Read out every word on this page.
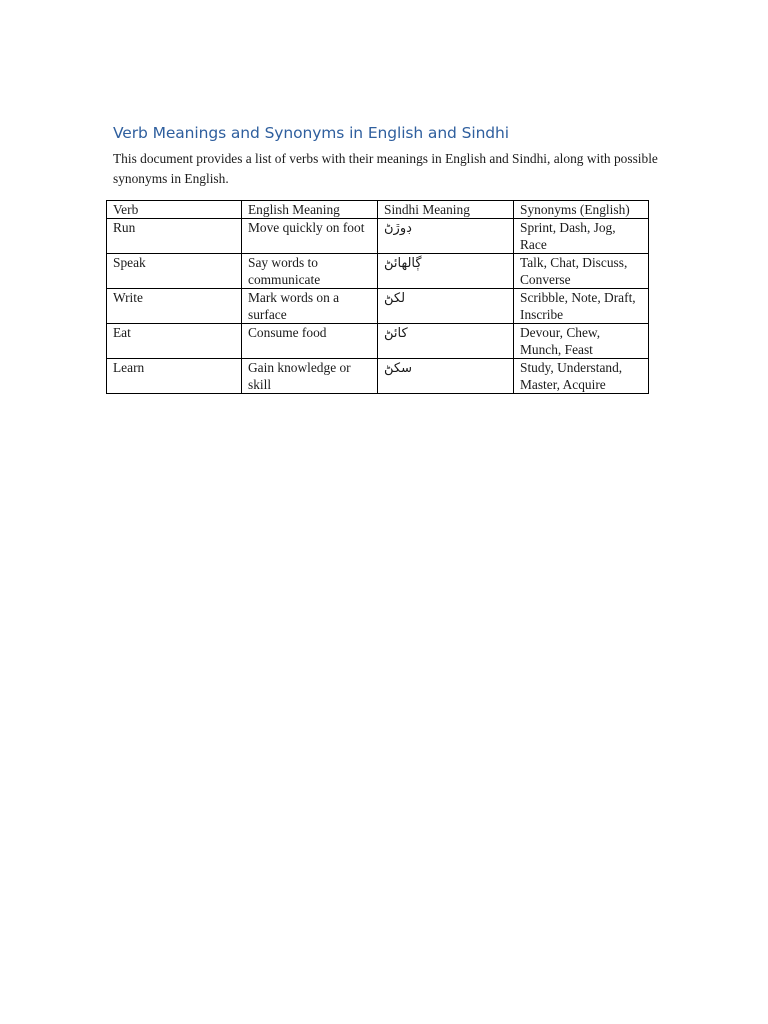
Verb Meanings and Synonyms in English and Sindhi

This document provides a list of verbs with their meanings in English and Sindhi, along with possible synonyms in English.

Verb	English Meaning	Sindhi Meaning	Synonyms (English)
Run	Move quickly on foot	ڊوڙڻ	Sprint, Dash, Jog, Race
Speak	Say words to communicate	ڳالهائڻ	Talk, Chat, Discuss, Converse
Write	Mark words on a surface	لکڻ	Scribble, Note, Draft, Inscribe
Eat	Consume food	کائڻ	Devour, Chew, Munch, Feast
Learn	Gain knowledge or skill	سکڻ	Study, Understand, Master, Acquire
